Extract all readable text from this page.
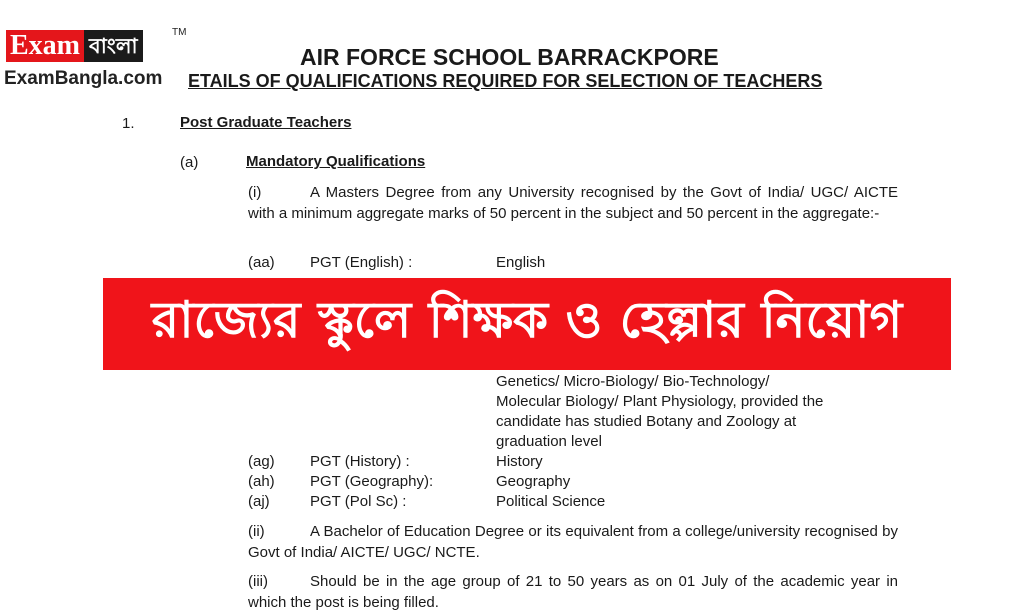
Exam বাংলা
TM
ExamBangla.com
AIR FORCE SCHOOL BARRACKPORE
ETAILS OF QUALIFICATIONS REQUIRED FOR SELECTION OF TEACHERS
1.	Post Graduate Teachers
(a)	Mandatory Qualifications
(i)	A Masters Degree from any University recognised by the Govt of India/ UGC/ AICTE with a minimum aggregate marks of 50 percent in the subject and 50 percent in the aggregate:-
(aa) PGT (English) :	English
রাজ্যের স্কুলে শিক্ষক ও হেল্পার নিয়োগ
Genetics/ Micro-Biology/ Bio-Technology/
Molecular Biology/ Plant Physiology, provided the
candidate has studied Botany and Zoology at
graduation level
(ag) PGT (History) :	History
(ah) PGT (Geography):	Geography
(aj)	PGT (Pol Sc) :	Political Science
(ii)	A Bachelor of Education Degree or its equivalent from a college/university recognised by Govt of India/ AICTE/ UGC/ NCTE.
(iii)	Should be in the age group of 21 to 50 years as on 01 July of the academic year in which the post is being filled.
